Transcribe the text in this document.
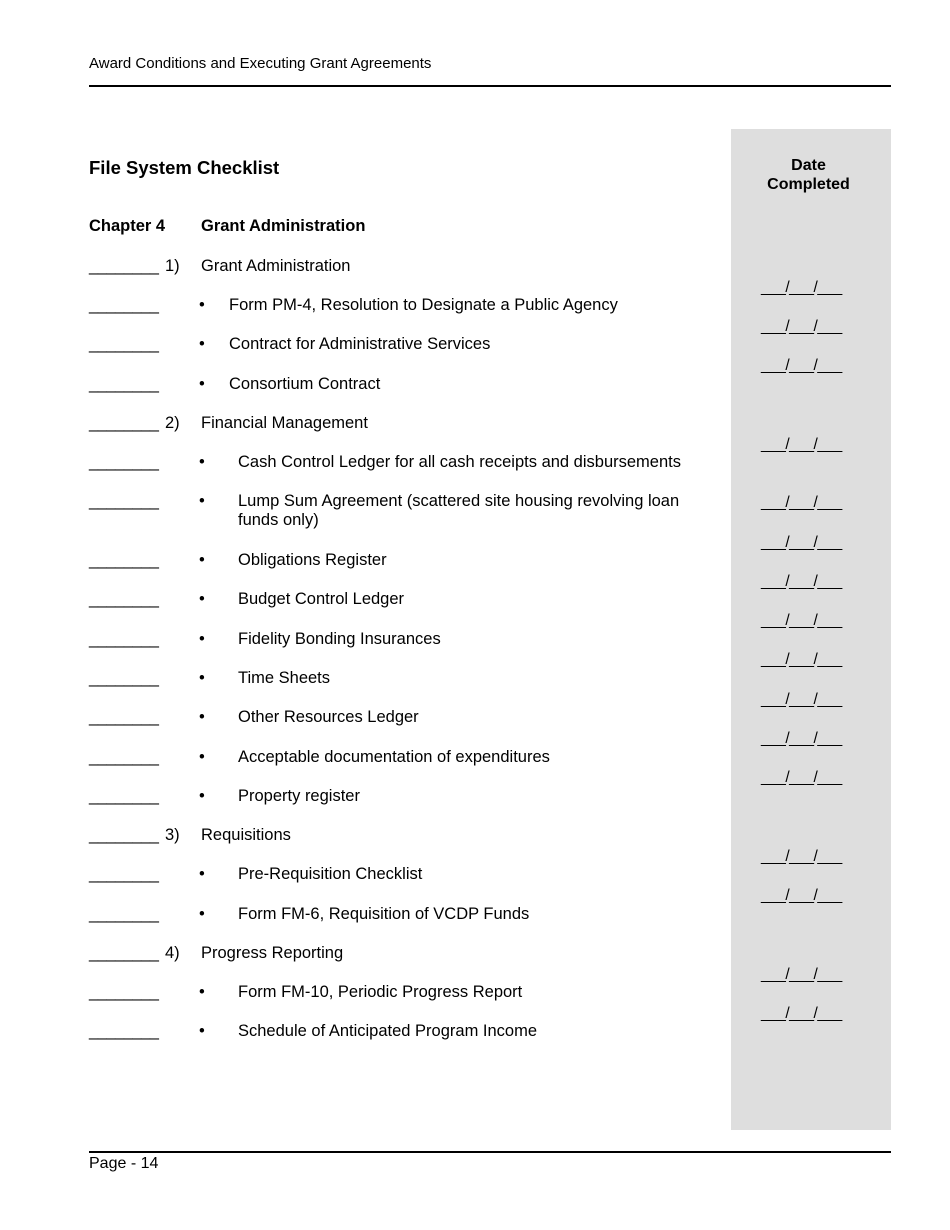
Award Conditions and Executing Grant Agreements
Date
Completed
File System Checklist
Chapter 4 Grant Administration
________ 1) Grant Administration
________ • Form PM-4, Resolution to Designate a Public Agency
________ • Contract for Administrative Services
________ • Consortium Contract
________ 2) Financial Management
________ • Cash Control Ledger for all cash receipts and disbursements
________ • Lump Sum Agreement (scattered site housing revolving loan funds only)
________ • Obligations Register
________ • Budget Control Ledger
________ • Fidelity Bonding Insurances
________ • Time Sheets
________ • Other Resources Ledger
________ • Acceptable documentation of expenditures
________ • Property register
________ 3) Requisitions
________ • Pre-Requisition Checklist
________ • Form FM-6, Requisition of VCDP Funds
________ 4) Progress Reporting
________ • Form FM-10, Periodic Progress Report
________ • Schedule of Anticipated Program Income
___/___/___
___/___/___
___/___/___
___/___/___
___/___/___
___/___/___
___/___/___
___/___/___
___/___/___
___/___/___
___/___/___
___/___/___
___/___/___
___/___/___
___/___/___
___/___/___
Page - 14
